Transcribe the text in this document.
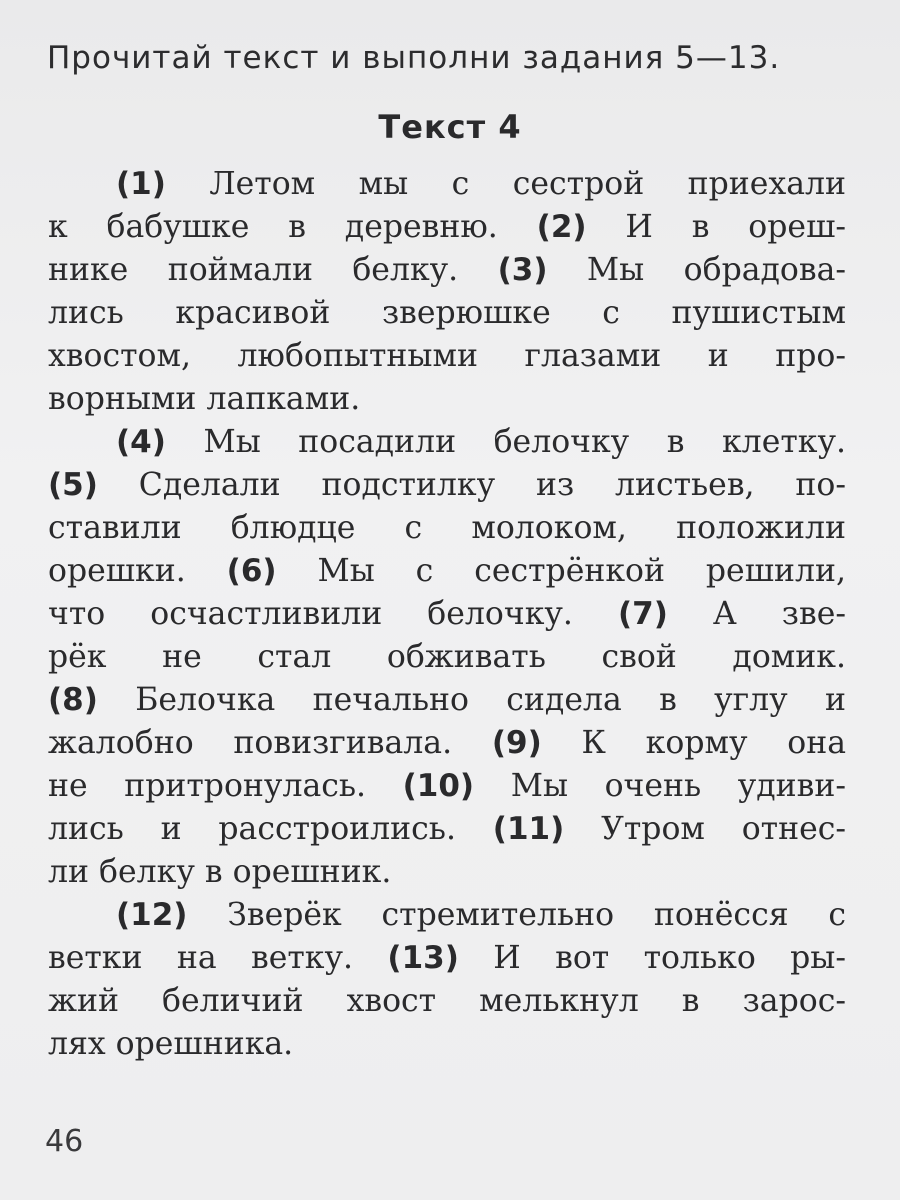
Прочитай текст и выполни задания 5—13.
Текст 4
(1) Летом мы с сестрой приехали
к бабушке в деревню. (2) И в ореш-
нике поймали белку. (3) Мы обрадова-
лись красивой зверюшке с пушистым
хвостом, любопытными глазами и про-
ворными лапками.
(4) Мы посадили белочку в клетку.
(5) Сделали подстилку из листьев, по-
ставили блюдце с молоком, положили
орешки. (6) Мы с сестрёнкой решили,
что осчастливили белочку. (7) А зве-
рёк не стал обживать свой домик.
(8) Белочка печально сидела в углу и
жалобно повизгивала. (9) К корму она
не притронулась. (10) Мы очень удиви-
лись и расстроились. (11) Утром отнес-
ли белку в орешник.
(12) Зверёк стремительно понёсся с
ветки на ветку. (13) И вот только ры-
жий беличий хвост мелькнул в зарос-
лях орешника.
46
